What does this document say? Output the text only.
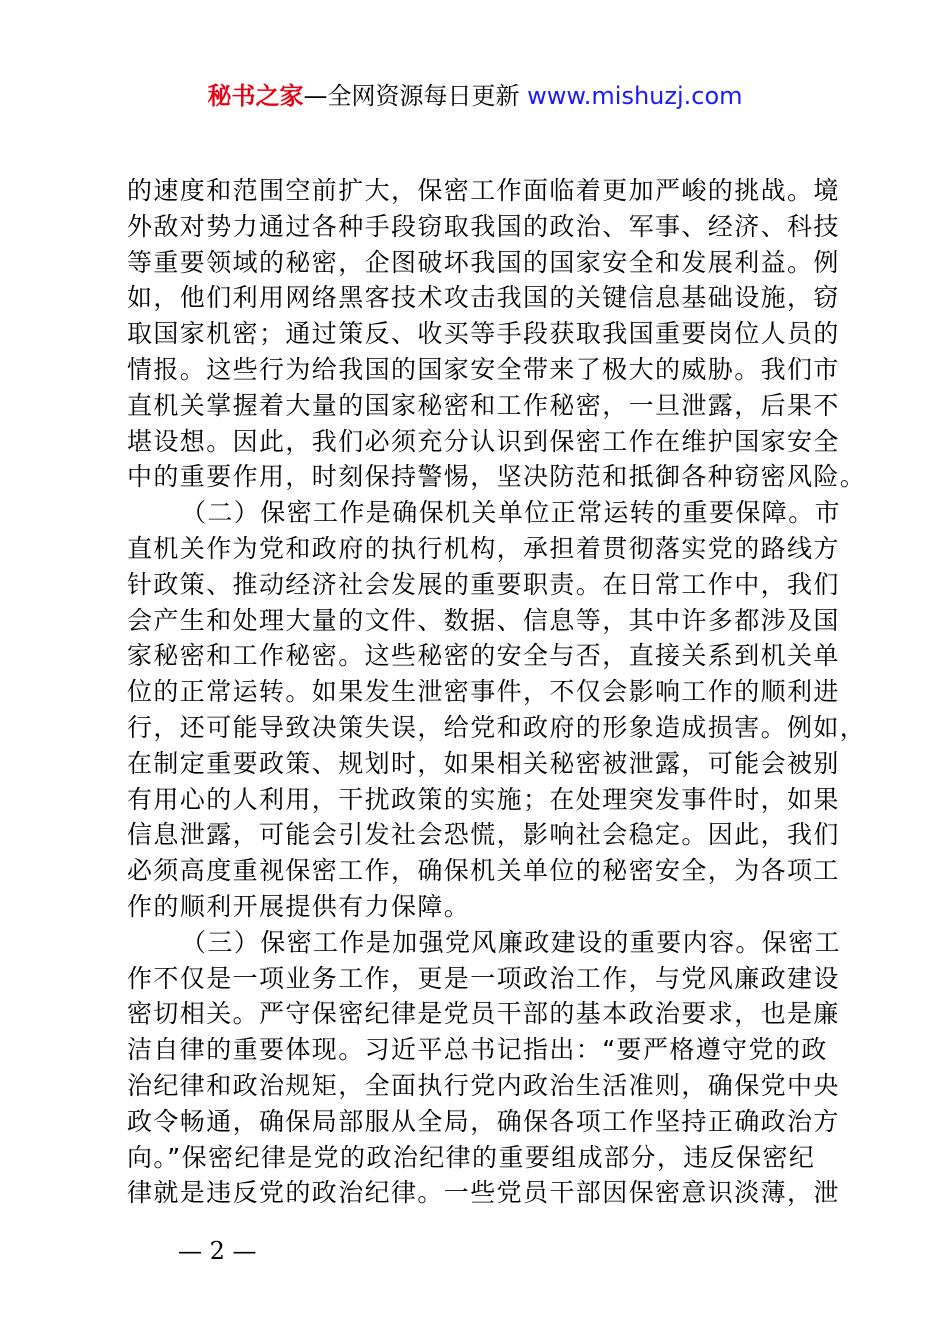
秘书之家—全网资源每日更新 www.mishuzj.com
的速度和范围空前扩大，保密工作面临着更加严峻的挑战。境
外敌对势力通过各种手段窃取我国的政治、军事、经济、科技
等重要领域的秘密，企图破坏我国的国家安全和发展利益。例
如，他们利用网络黑客技术攻击我国的关键信息基础设施，窃
取国家机密；通过策反、收买等手段获取我国重要岗位人员的
情报。这些行为给我国的国家安全带来了极大的威胁。我们市
直机关掌握着大量的国家秘密和工作秘密，一旦泄露，后果不
堪设想。因此，我们必须充分认识到保密工作在维护国家安全
中的重要作用，时刻保持警惕，坚决防范和抵御各种窃密风险。
（二）保密工作是确保机关单位正常运转的重要保障。市
直机关作为党和政府的执行机构，承担着贯彻落实党的路线方
针政策、推动经济社会发展的重要职责。在日常工作中，我们
会产生和处理大量的文件、数据、信息等，其中许多都涉及国
家秘密和工作秘密。这些秘密的安全与否，直接关系到机关单
位的正常运转。如果发生泄密事件，不仅会影响工作的顺利进
行，还可能导致决策失误，给党和政府的形象造成损害。例如，
在制定重要政策、规划时，如果相关秘密被泄露，可能会被别
有用心的人利用，干扰政策的实施；在处理突发事件时，如果
信息泄露，可能会引发社会恐慌，影响社会稳定。因此，我们
必须高度重视保密工作，确保机关单位的秘密安全，为各项工
作的顺利开展提供有力保障。
（三）保密工作是加强党风廉政建设的重要内容。保密工
作不仅是一项业务工作，更是一项政治工作，与党风廉政建设
密切相关。严守保密纪律是党员干部的基本政治要求，也是廉
洁自律的重要体现。习近平总书记指出：“要严格遵守党的政
治纪律和政治规矩，全面执行党内政治生活准则，确保党中央
政令畅通，确保局部服从全局，确保各项工作坚持正确政治方
向。”保密纪律是党的政治纪律的重要组成部分，违反保密纪
律就是违反党的政治纪律。一些党员干部因保密意识淡薄，泄
— 2 —
